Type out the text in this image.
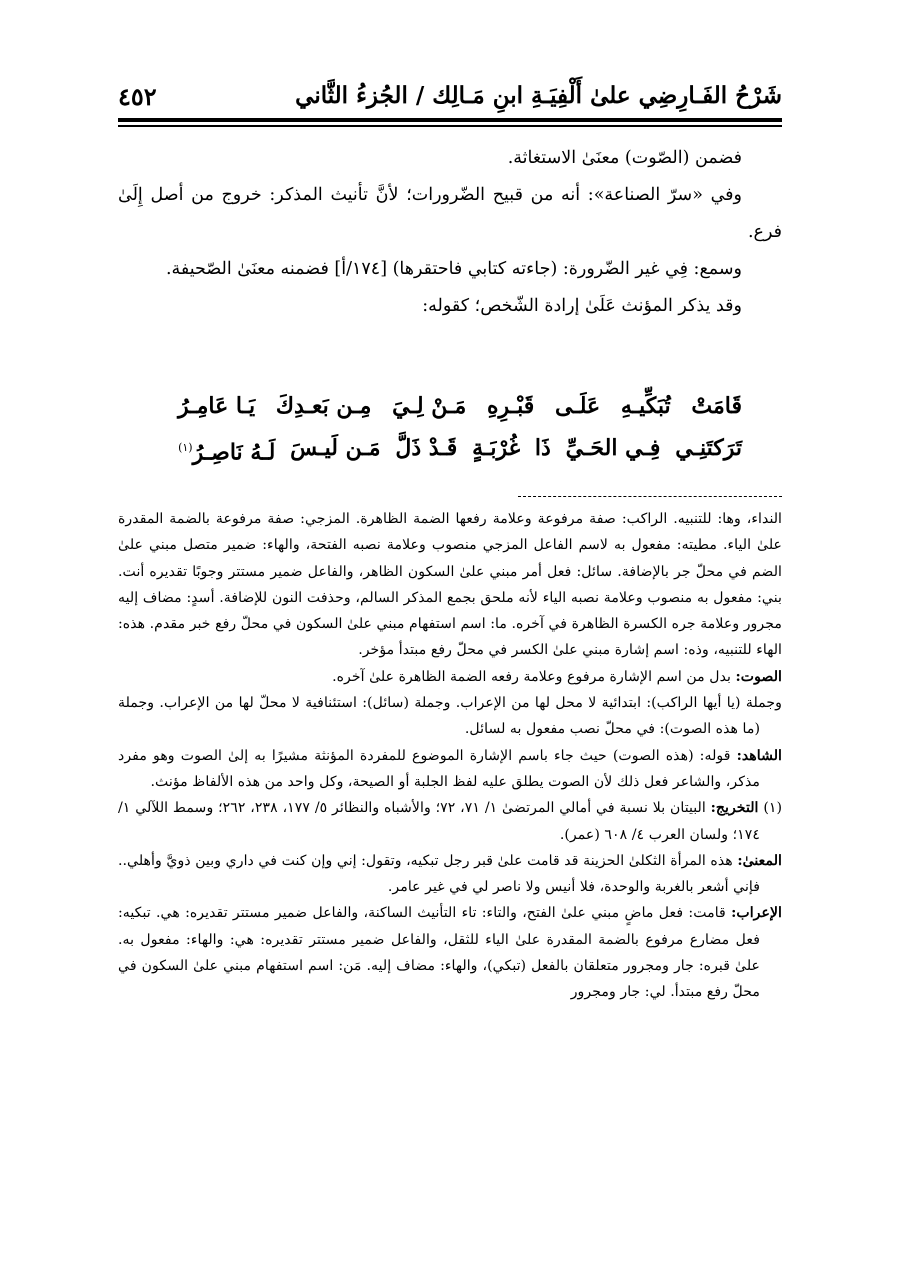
شَرْحُ الفَـارِضِي علىٰ أَلْفِيَـةِ ابنِ مَـالِك / الجُزءُ الثَّاني
٤٥٢

فضمن (الصّوت) معنَىٰ الاستغاثة.

وفي «سرّ الصناعة»: أنه من قبيح الضّرورات؛ لأنَّ تأنيث المذكر: خروج من أصل إِلَىٰ فرع.

وسمع: فِي غير الضّرورة: (جاءته كتابي فاحتقرها) [١٧٤/أ] فضمنه معنَىٰ الصّحيفة.

وقد يذكر المؤنث عَلَىٰ إرادة الشّخص؛ كقوله:

قَامَتْ
تُبَكِّيـهِ
عَلَـى
قَبْـرِهِ
مَـنْ لِـيَ
مِـن بَعـدِكَ
يَـا عَامِـرُ
تَرَكتَنِـي
فِـي الحَـيِّ
ذَا
غُرْبَـةٍ
قَـدْ ذَلَّ
مَـن لَيـسَ
لَـهُ نَاصِـرُ$^{(١)}$

النداء، وها: للتنبيه. الراكب: صفة مرفوعة وعلامة رفعها الضمة الظاهرة. المزجي: صفة مرفوعة بالضمة المقدرة علىٰ الياء. مطيته: مفعول به لاسم الفاعل المزجي منصوب وعلامة نصبه الفتحة، والهاء: ضمير متصل مبني علىٰ الضم في محلّ جر بالإضافة. سائل: فعل أمر مبني علىٰ السكون الظاهر، والفاعل ضمير مستتر وجوبًا تقديره أنت. بني: مفعول به منصوب وعلامة نصبه الياء لأنه ملحق بجمع المذكر السالم، وحذفت النون للإضافة. أسدٍ: مضاف إليه مجرور وعلامة جره الكسرة الظاهرة في آخره. ما: اسم استفهام مبني علىٰ السكون في محلّ رفع خبر مقدم. هذه: الهاء للتنبيه، وذه: اسم إشارة مبني علىٰ الكسر في محلّ رفع مبتدأ مؤخر.

الصوت: بدل من اسم الإشارة مرفوع وعلامة رفعه الضمة الظاهرة علىٰ آخره.

وجملة (يا أيها الراكب): ابتدائية لا محل لها من الإعراب. وجملة (سائل): استئنافية لا محلّ لها من الإعراب. وجملة (ما هذه الصوت): في محلّ نصب مفعول به لسائل.

الشاهد: قوله: (هذه الصوت) حيث جاء باسم الإشارة الموضوع للمفردة المؤنثة مشيرًا به إلىٰ الصوت وهو مفرد مذكر، والشاعر فعل ذلك لأن الصوت يطلق عليه لفظ الجلبة أو الصيحة، وكل واحد من هذه الألفاظ مؤنث.

(١) التخريج: البيتان بلا نسبة في أمالي المرتضىٰ ١/ ٧١، ٧٢؛ والأشباه والنظائر ٥/ ١٧٧، ٢٣٨، ٢٦٢؛ وسمط اللآلي ١/ ١٧٤؛ ولسان العرب ٤/ ٦٠٨ (عمر).

المعنىٰ: هذه المرأة الثكلىٰ الحزينة قد قامت علىٰ قبر رجل تبكيه، وتقول: إني وإن كنت في داري وبين ذويَّ وأهلي.. فإني أشعر بالغربة والوحدة، فلا أنيس ولا ناصر لي في غير عامر.

الإعراب: قامت: فعل ماضٍ مبني علىٰ الفتح، والتاء: تاء التأنيث الساكنة، والفاعل ضمير مستتر تقديره: هي. تبكيه: فعل مضارع مرفوع بالضمة المقدرة علىٰ الياء للثقل، والفاعل ضمير مستتر تقديره: هي: والهاء: مفعول به. علىٰ قبره: جار ومجرور متعلقان بالفعل (تبكي)، والهاء: مضاف إليه. مَن: اسم استفهام مبني علىٰ السكون في محلّ رفع مبتدأ. لي: جار ومجرور
